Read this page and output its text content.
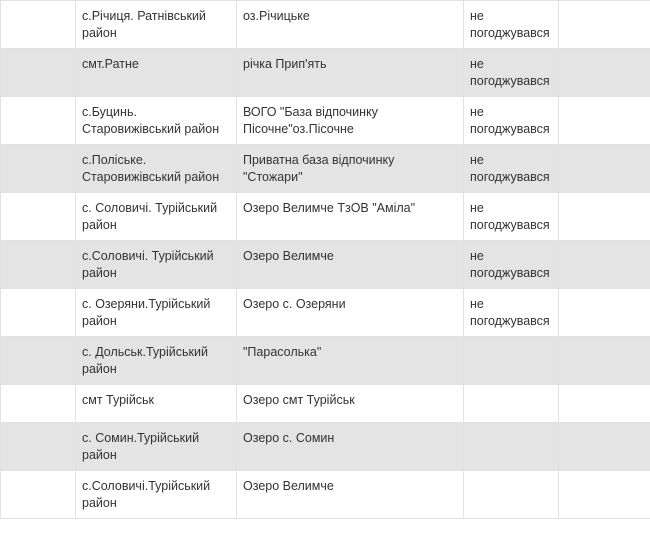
	с.Річиця. Ратнівський
район	оз.Річицьке	не
погоджувався	
	смт.Ратне	річка Прип'ять	не
погоджувався	
	с.Буцинь.
Старовижівський район	ВОГО "База відпочинку
Пісочне"оз.Пісочне	не
погоджувався	
	с.Поліське.
Старовижівський район	Приватна база відпочинку "Стожари"	не
погоджувався	
	с. Соловичі. Турійський
район	Озеро Велимче ТзОВ "Аміла"	не
погоджувався	
	с.Соловичі. Турійський
район	Озеро Велимче	не
погоджувався	
	с. Озеряни.Турійський
район	Озеро с. Озеряни	не
погоджувався	
	с. Дольськ.Турійський
район	"Парасолька"		
	смт Турійськ	Озеро смт Турійськ		
	с. Сомин.Турійський
район	Озеро с. Сомин		
	с.Соловичі.Турійський
район	Озеро Велимче		
